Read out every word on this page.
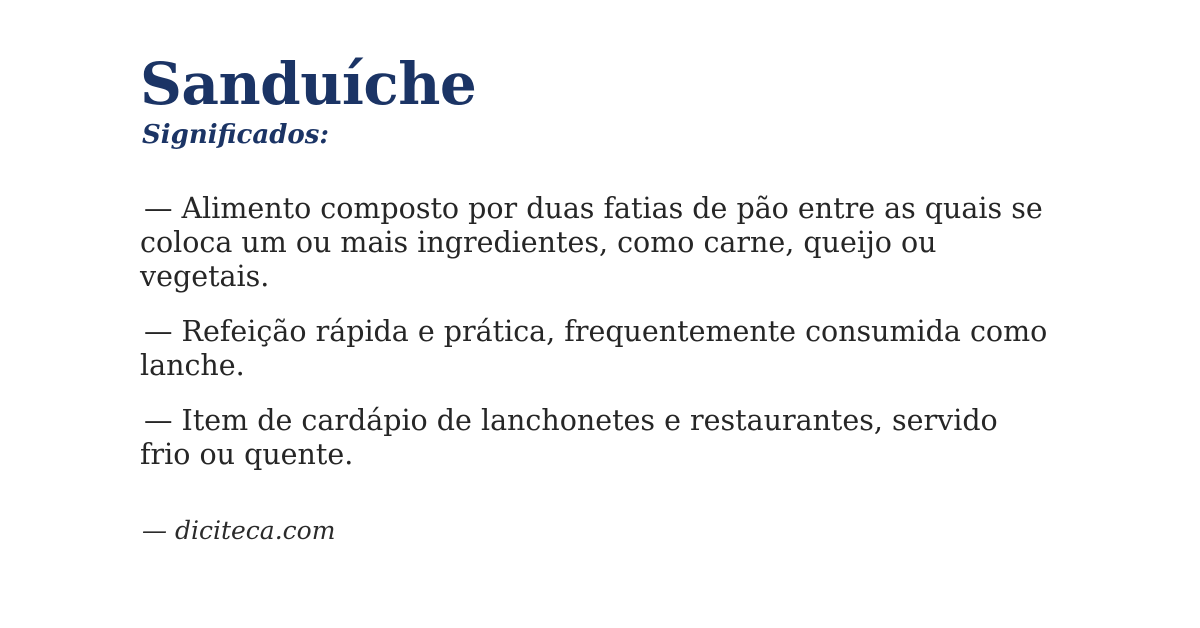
Sanduíche
Significados:

— Alimento composto por duas fatias de pão entre as quais se coloca um ou mais ingredientes, como carne, queijo ou vegetais.

— Refeição rápida e prática, frequentemente consumida como lanche.

— Item de cardápio de lanchonetes e restaurantes, servido frio ou quente.

— diciteca.com
